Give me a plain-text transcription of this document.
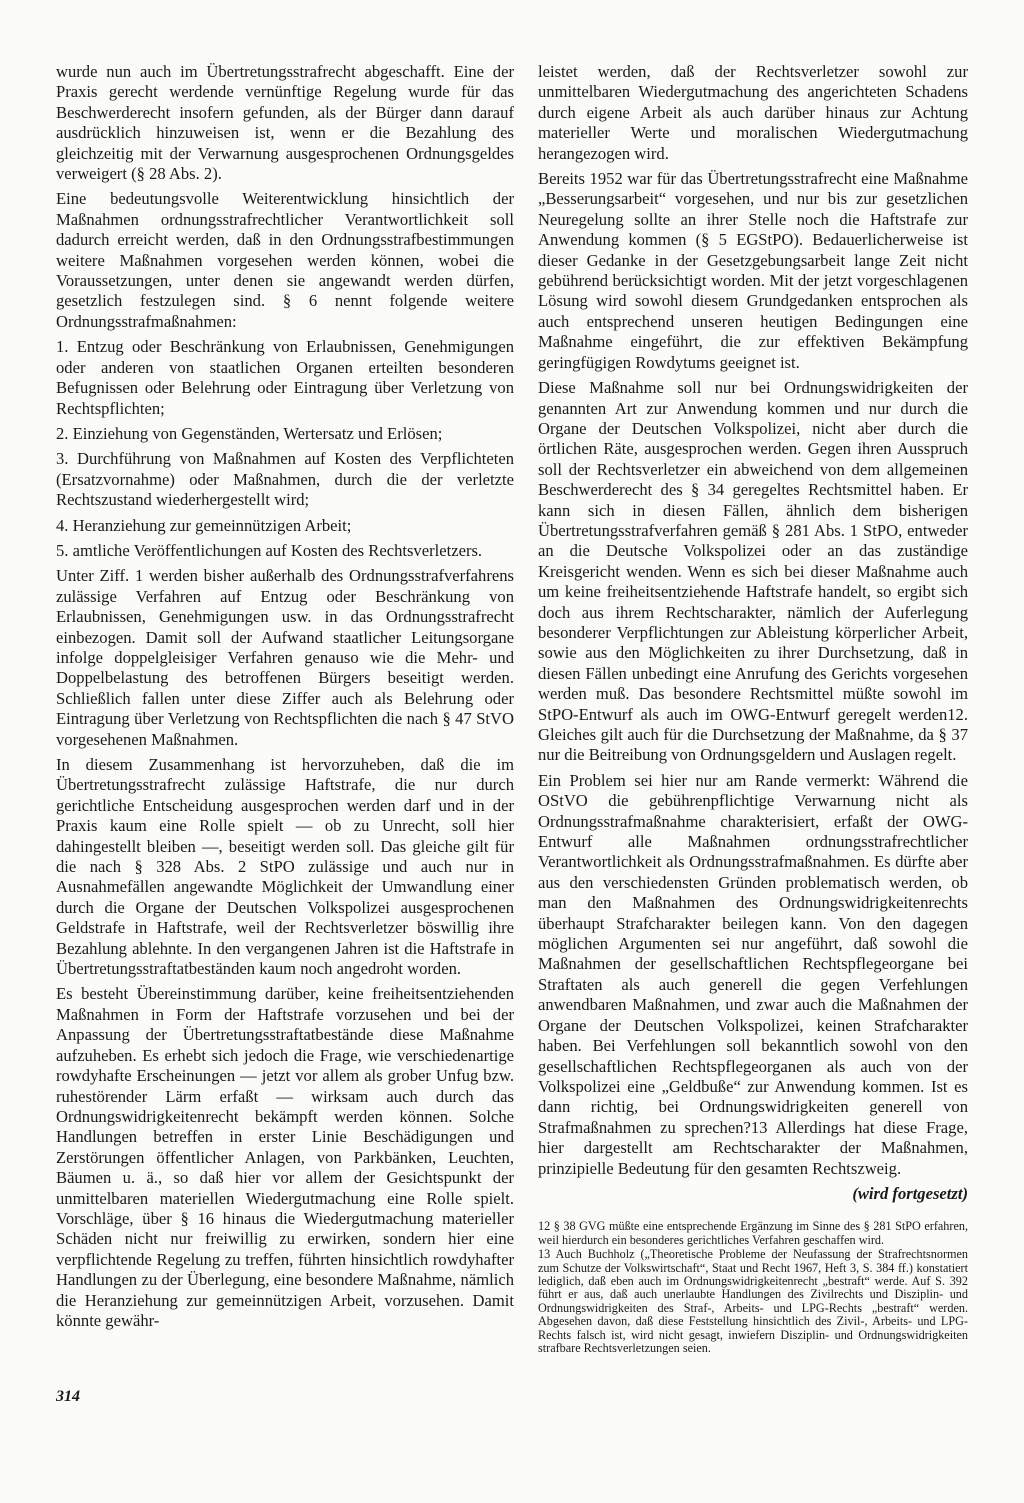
wurde nun auch im Übertretungsstrafrecht abgeschafft. Eine der Praxis gerecht werdende vernünftige Regelung wurde für das Beschwerderecht insofern gefunden, als der Bürger dann darauf ausdrücklich hinzuweisen ist, wenn er die Bezahlung des gleichzeitig mit der Verwarnung ausgesprochenen Ordnungsgeldes verweigert (§ 28 Abs. 2).

Eine bedeutungsvolle Weiterentwicklung hinsichtlich der Maßnahmen ordnungsstrafrechtlicher Verantwortlichkeit soll dadurch erreicht werden, daß in den Ordnungsstrafbestimmungen weitere Maßnahmen vorgesehen werden können, wobei die Voraussetzungen, unter denen sie angewandt werden dürfen, gesetzlich festzulegen sind. § 6 nennt folgende weitere Ordnungsstrafmaßnahmen:

1. Entzug oder Beschränkung von Erlaubnissen, Genehmigungen oder anderen von staatlichen Organen erteilten besonderen Befugnissen oder Belehrung oder Eintragung über Verletzung von Rechtspflichten;

2. Einziehung von Gegenständen, Wertersatz und Erlösen;

3. Durchführung von Maßnahmen auf Kosten des Verpflichteten (Ersatzvornahme) oder Maßnahmen, durch die der verletzte Rechtszustand wiederhergestellt wird;

4. Heranziehung zur gemeinnützigen Arbeit;

5. amtliche Veröffentlichungen auf Kosten des Rechtsverletzers.

Unter Ziff. 1 werden bisher außerhalb des Ordnungsstrafverfahrens zulässige Verfahren auf Entzug oder Beschränkung von Erlaubnissen, Genehmigungen usw. in das Ordnungsstrafrecht einbezogen. Damit soll der Aufwand staatlicher Leitungsorgane infolge doppelgleisiger Verfahren genauso wie die Mehr- und Doppelbelastung des betroffenen Bürgers beseitigt werden. Schließlich fallen unter diese Ziffer auch als Belehrung oder Eintragung über Verletzung von Rechtspflichten die nach § 47 StVO vorgesehenen Maßnahmen.

In diesem Zusammenhang ist hervorzuheben, daß die im Übertretungsstrafrecht zulässige Haftstrafe, die nur durch gerichtliche Entscheidung ausgesprochen werden darf und in der Praxis kaum eine Rolle spielt — ob zu Unrecht, soll hier dahingestellt bleiben —, beseitigt werden soll. Das gleiche gilt für die nach § 328 Abs. 2 StPO zulässige und auch nur in Ausnahmefällen angewandte Möglichkeit der Umwandlung einer durch die Organe der Deutschen Volkspolizei ausgesprochenen Geldstrafe in Haftstrafe, weil der Rechtsverletzer böswillig ihre Bezahlung ablehnte. In den vergangenen Jahren ist die Haftstrafe in Übertretungsstraftatbeständen kaum noch angedroht worden.

Es besteht Übereinstimmung darüber, keine freiheitsentziehenden Maßnahmen in Form der Haftstrafe vorzusehen und bei der Anpassung der Übertretungsstraftatbestände diese Maßnahme aufzuheben. Es erhebt sich jedoch die Frage, wie verschiedenartige rowdyhafte Erscheinungen — jetzt vor allem als grober Unfug bzw. ruhestörender Lärm erfaßt — wirksam auch durch das Ordnungswidrigkeitenrecht bekämpft werden können. Solche Handlungen betreffen in erster Linie Beschädigungen und Zerstörungen öffentlicher Anlagen, von Parkbänken, Leuchten, Bäumen u. ä., so daß hier vor allem der Gesichtspunkt der unmittelbaren materiellen Wiedergutmachung eine Rolle spielt. Vorschläge, über § 16 hinaus die Wiedergutmachung materieller Schäden nicht nur freiwillig zu erwirken, sondern hier eine verpflichtende Regelung zu treffen, führten hinsichtlich rowdyhafter Handlungen zu der Überlegung, eine besondere Maßnahme, nämlich die Heranziehung zur gemeinnützigen Arbeit, vorzusehen. Damit könnte gewähr-

leistet werden, daß der Rechtsverletzer sowohl zur unmittelbaren Wiedergutmachung des angerichteten Schadens durch eigene Arbeit als auch darüber hinaus zur Achtung materieller Werte und moralischen Wiedergutmachung herangezogen wird.

Bereits 1952 war für das Übertretungsstrafrecht eine Maßnahme „Besserungsarbeit“ vorgesehen, und nur bis zur gesetzlichen Neuregelung sollte an ihrer Stelle noch die Haftstrafe zur Anwendung kommen (§ 5 EGStPO). Bedauerlicherweise ist dieser Gedanke in der Gesetzgebungsarbeit lange Zeit nicht gebührend berücksichtigt worden. Mit der jetzt vorgeschlagenen Lösung wird sowohl diesem Grundgedanken entsprochen als auch entsprechend unseren heutigen Bedingungen eine Maßnahme eingeführt, die zur effektiven Bekämpfung geringfügigen Rowdytums geeignet ist.

Diese Maßnahme soll nur bei Ordnungswidrigkeiten der genannten Art zur Anwendung kommen und nur durch die Organe der Deutschen Volkspolizei, nicht aber durch die örtlichen Räte, ausgesprochen werden. Gegen ihren Ausspruch soll der Rechtsverletzer ein abweichend von dem allgemeinen Beschwerderecht des § 34 geregeltes Rechtsmittel haben. Er kann sich in diesen Fällen, ähnlich dem bisherigen Übertretungsstrafverfahren gemäß § 281 Abs. 1 StPO, entweder an die Deutsche Volkspolizei oder an das zuständige Kreisgericht wenden. Wenn es sich bei dieser Maßnahme auch um keine freiheitsentziehende Haftstrafe handelt, so ergibt sich doch aus ihrem Rechtscharakter, nämlich der Auferlegung besonderer Verpflichtungen zur Ableistung körperlicher Arbeit, sowie aus den Möglichkeiten zu ihrer Durchsetzung, daß in diesen Fällen unbedingt eine Anrufung des Gerichts vorgesehen werden muß. Das besondere Rechtsmittel müßte sowohl im StPO-Entwurf als auch im OWG-Entwurf geregelt werden12. Gleiches gilt auch für die Durchsetzung der Maßnahme, da § 37 nur die Beitreibung von Ordnungsgeldern und Auslagen regelt.

Ein Problem sei hier nur am Rande vermerkt: Während die OStVO die gebührenpflichtige Verwarnung nicht als Ordnungsstrafmaßnahme charakterisiert, erfaßt der OWG-Entwurf alle Maßnahmen ordnungsstrafrechtlicher Verantwortlichkeit als Ordnungsstrafmaßnahmen. Es dürfte aber aus den verschiedensten Gründen problematisch werden, ob man den Maßnahmen des Ordnungswidrigkeitenrechts überhaupt Strafcharakter beilegen kann. Von den dagegen möglichen Argumenten sei nur angeführt, daß sowohl die Maßnahmen der gesellschaftlichen Rechtspflegeorgane bei Straftaten als auch generell die gegen Verfehlungen anwendbaren Maßnahmen, und zwar auch die Maßnahmen der Organe der Deutschen Volkspolizei, keinen Strafcharakter haben. Bei Verfehlungen soll bekanntlich sowohl von den gesellschaftlichen Rechtspflegeorganen als auch von der Volkspolizei eine „Geldbuße“ zur Anwendung kommen. Ist es dann richtig, bei Ordnungswidrigkeiten generell von Strafmaßnahmen zu sprechen?13 Allerdings hat diese Frage, hier dargestellt am Rechtscharakter der Maßnahmen, prinzipielle Bedeutung für den gesamten Rechtszweig.

(wird fortgesetzt)

12 § 38 GVG müßte eine entsprechende Ergänzung im Sinne des § 281 StPO erfahren, weil hierdurch ein besonderes gerichtliches Verfahren geschaffen wird.

13 Auch Buchholz („Theoretische Probleme der Neufassung der Strafrechtsnormen zum Schutze der Volkswirtschaft“, Staat und Recht 1967, Heft 3, S. 384 ff.) konstatiert lediglich, daß eben auch im Ordnungswidrigkeitenrecht „bestraft“ werde. Auf S. 392 führt er aus, daß auch unerlaubte Handlungen des Zivilrechts und Disziplin- und Ordnungswidrigkeiten des Straf-, Arbeits- und LPG-Rechts „bestraft“ werden. Abgesehen davon, daß diese Feststellung hinsichtlich des Zivil-, Arbeits- und LPG-Rechts falsch ist, wird nicht gesagt, inwiefern Disziplin- und Ordnungswidrigkeiten strafbare Rechtsverletzungen seien.

314
